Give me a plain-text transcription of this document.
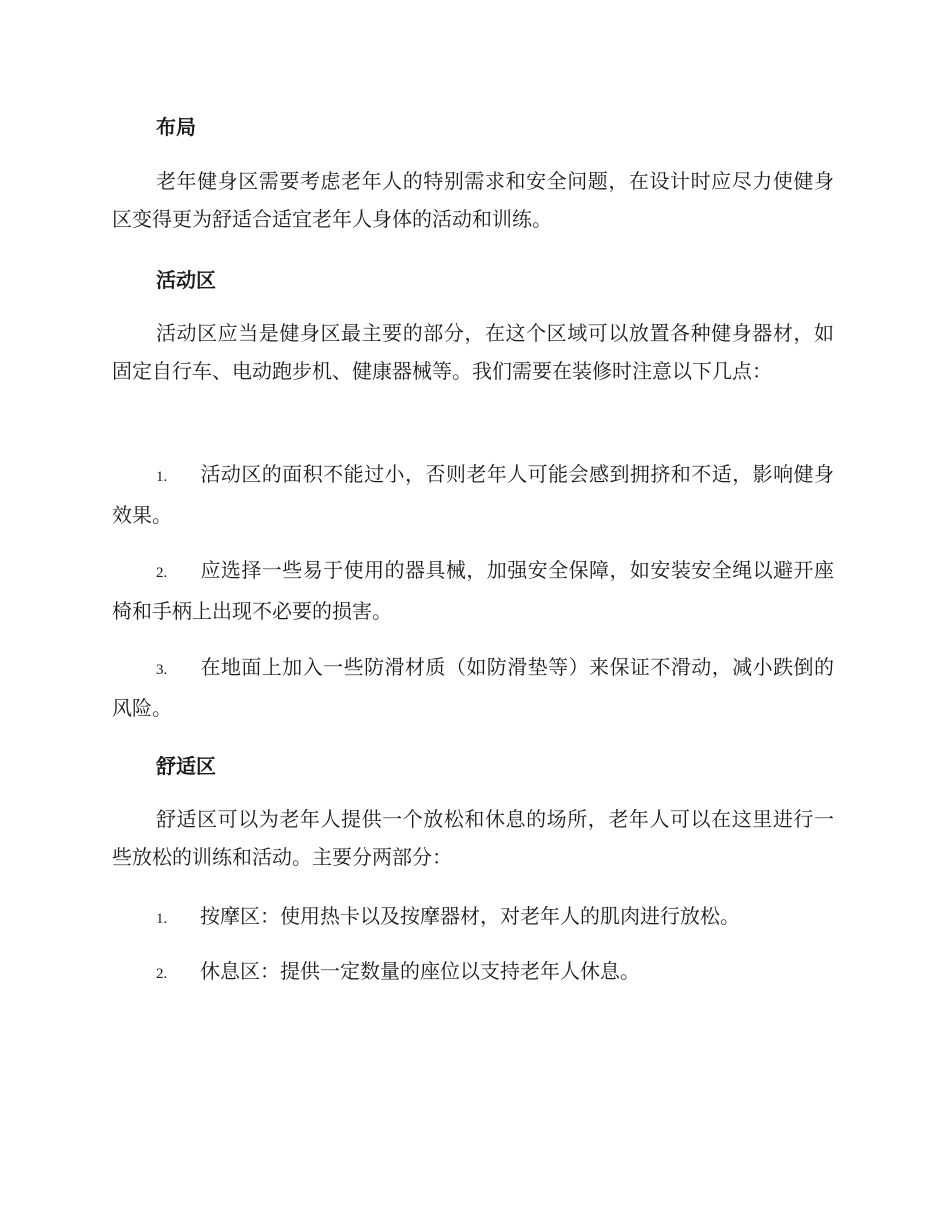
布局

老年健身区需要考虑老年人的特别需求和安全问题，在设计时应尽力使健身区变得更为舒适合适宜老年人身体的活动和训练。

活动区

活动区应当是健身区最主要的部分，在这个区域可以放置各种健身器材，如固定自行车、电动跑步机、健康器械等。我们需要在装修时注意以下几点：

1. 活动区的面积不能过小，否则老年人可能会感到拥挤和不适，影响健身效果。

2. 应选择一些易于使用的器具械，加强安全保障，如安装安全绳以避开座椅和手柄上出现不必要的损害。

3. 在地面上加入一些防滑材质（如防滑垫等）来保证不滑动，减小跌倒的风险。

舒适区

舒适区可以为老年人提供一个放松和休息的场所，老年人可以在这里进行一些放松的训练和活动。主要分两部分：

1. 按摩区：使用热卡以及按摩器材，对老年人的肌肉进行放松。

2. 休息区：提供一定数量的座位以支持老年人休息。
